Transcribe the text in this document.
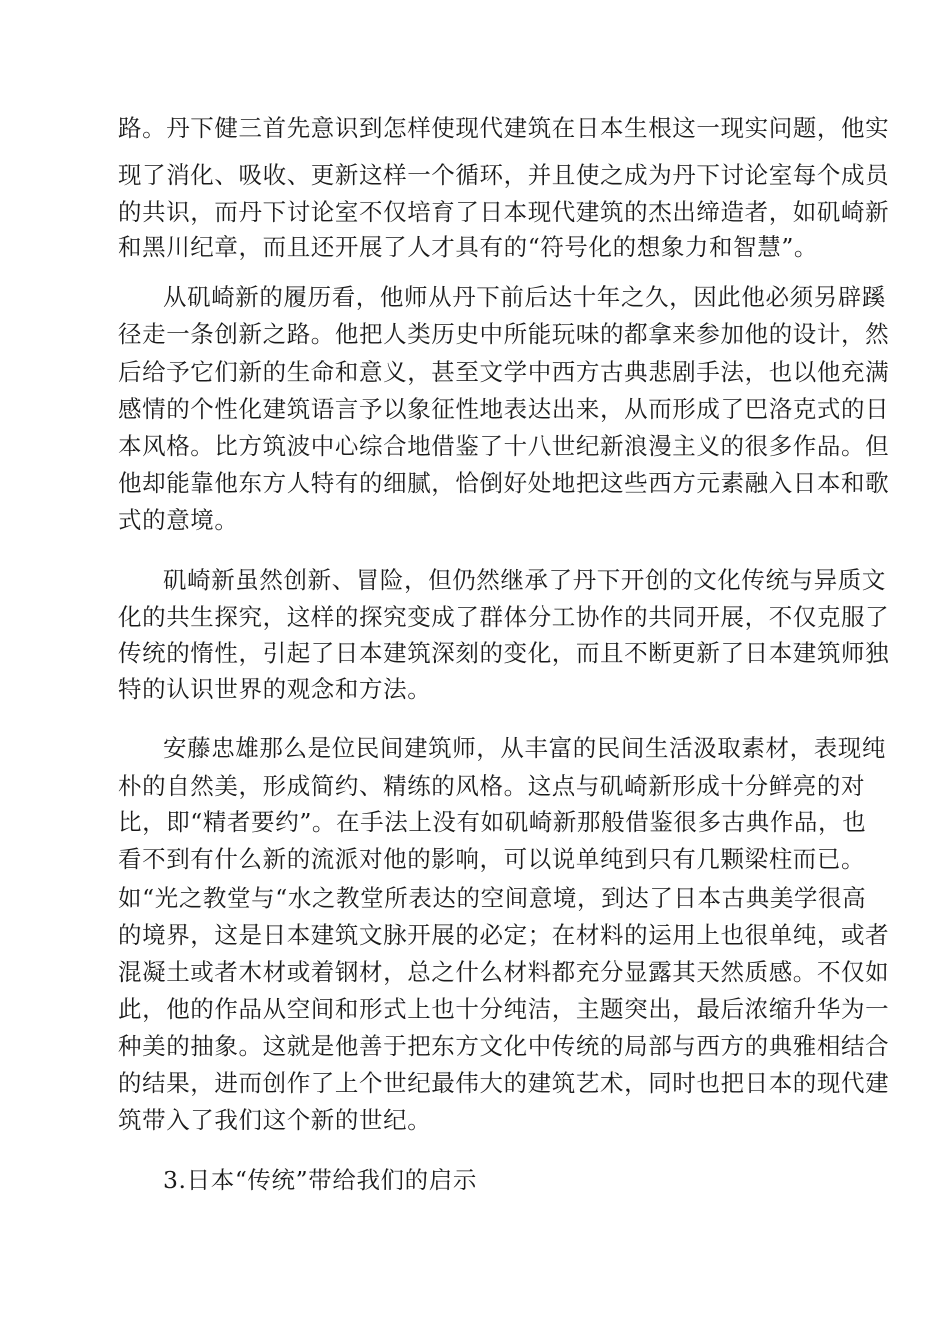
路。丹下健三首先意识到怎样使现代建筑在日本生根这一现实问题，他实

现了消化、吸收、更新这样一个循环，并且使之成为丹下讨论室每个成员

的共识，而丹下讨论室不仅培育了日本现代建筑的杰出缔造者，如矶崎新

和黑川纪章，而且还开展了人才具有的“符号化的想象力和智慧”。

从矶崎新的履历看，他师从丹下前后达十年之久，因此他必须另辟蹊

径走一条创新之路。他把人类历史中所能玩味的都拿来参加他的设计，然

后给予它们新的生命和意义，甚至文学中西方古典悲剧手法，也以他充满

感情的个性化建筑语言予以象征性地表达出来，从而形成了巴洛克式的日

本风格。比方筑波中心综合地借鉴了十八世纪新浪漫主义的很多作品。但

他却能靠他东方人特有的细腻，恰倒好处地把这些西方元素融入日本和歌

式的意境。

矶崎新虽然创新、冒险，但仍然继承了丹下开创的文化传统与异质文

化的共生探究，这样的探究变成了群体分工协作的共同开展，不仅克服了

传统的惰性，引起了日本建筑深刻的变化，而且不断更新了日本建筑师独

特的认识世界的观念和方法。

安藤忠雄那么是位民间建筑师，从丰富的民间生活汲取素材，表现纯

朴的自然美，形成简约、精练的风格。这点与矶崎新形成十分鲜亮的对

比，即“精者要约”。在手法上没有如矶崎新那般借鉴很多古典作品，也

看不到有什么新的流派对他的影响，可以说单纯到只有几颗梁柱而已。

如“光之教堂与“水之教堂所表达的空间意境，到达了日本古典美学很高

的境界，这是日本建筑文脉开展的必定；在材料的运用上也很单纯，或者

混凝土或者木材或着钢材，总之什么材料都充分显露其天然质感。不仅如

此，他的作品从空间和形式上也十分纯洁，主题突出，最后浓缩升华为一

种美的抽象。这就是他善于把东方文化中传统的局部与西方的典雅相结合

的结果，进而创作了上个世纪最伟大的建筑艺术，同时也把日本的现代建

筑带入了我们这个新的世纪。

3.日本“传统”带给我们的启示
